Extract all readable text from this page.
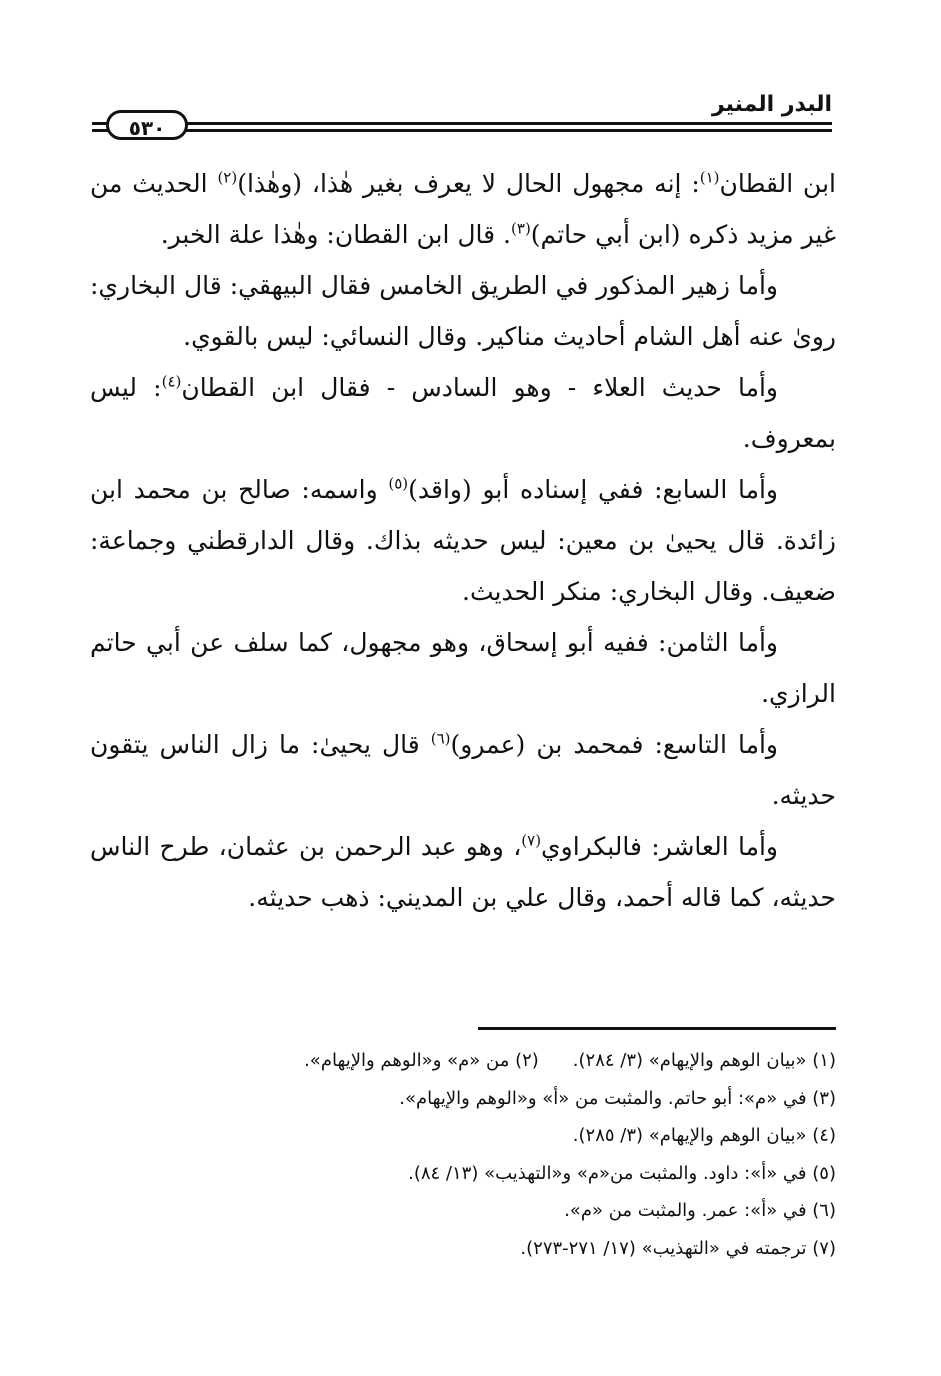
البدر المنير
٥٣٠

ابن القطان$^{(١)}$: إنه مجهول الحال لا يعرف بغير هٰذا، (وهٰذا)$^{(٢)}$ الحديث من غير مزيد ذكره (ابن أبي حاتم)$^{(٣)}$. قال ابن القطان: وهٰذا علة الخبر.

وأما زهير المذكور في الطريق الخامس فقال البيهقي: قال البخاري: روىٰ عنه أهل الشام أحاديث مناكير. وقال النسائي: ليس بالقوي.

وأما حديث العلاء - وهو السادس - فقال ابن القطان$^{(٤)}$: ليس بمعروف.

وأما السابع: ففي إسناده أبو (واقد)$^{(٥)}$ واسمه: صالح بن محمد ابن زائدة. قال يحيىٰ بن معين: ليس حديثه بذاك. وقال الدارقطني وجماعة: ضعيف. وقال البخاري: منكر الحديث.

وأما الثامن: ففيه أبو إسحاق، وهو مجهول، كما سلف عن أبي حاتم الرازي.

وأما التاسع: فمحمد بن (عمرو)$^{(٦)}$ قال يحيىٰ: ما زال الناس يتقون حديثه.

وأما العاشر: فالبكراوي$^{(٧)}$، وهو عبد الرحمن بن عثمان، طرح الناس حديثه، كما قاله أحمد، وقال علي بن المديني: ذهب حديثه.

(١) «بيان الوهم والإيهام» (٣/ ٢٨٤).(٢) من «م» و«الوهم والإيهام».
(٣) في «م»: أبو حاتم. والمثبت من «أ» و«الوهم والإيهام».
(٤) «بيان الوهم والإيهام» (٣/ ٢٨٥).
(٥) في «أ»: داود. والمثبت من«م» و«التهذيب» (١٣/ ٨٤).
(٦) في «أ»: عمر. والمثبت من «م».
(٧) ترجمته في «التهذيب» (١٧/ ٢٧١-٢٧٣).
